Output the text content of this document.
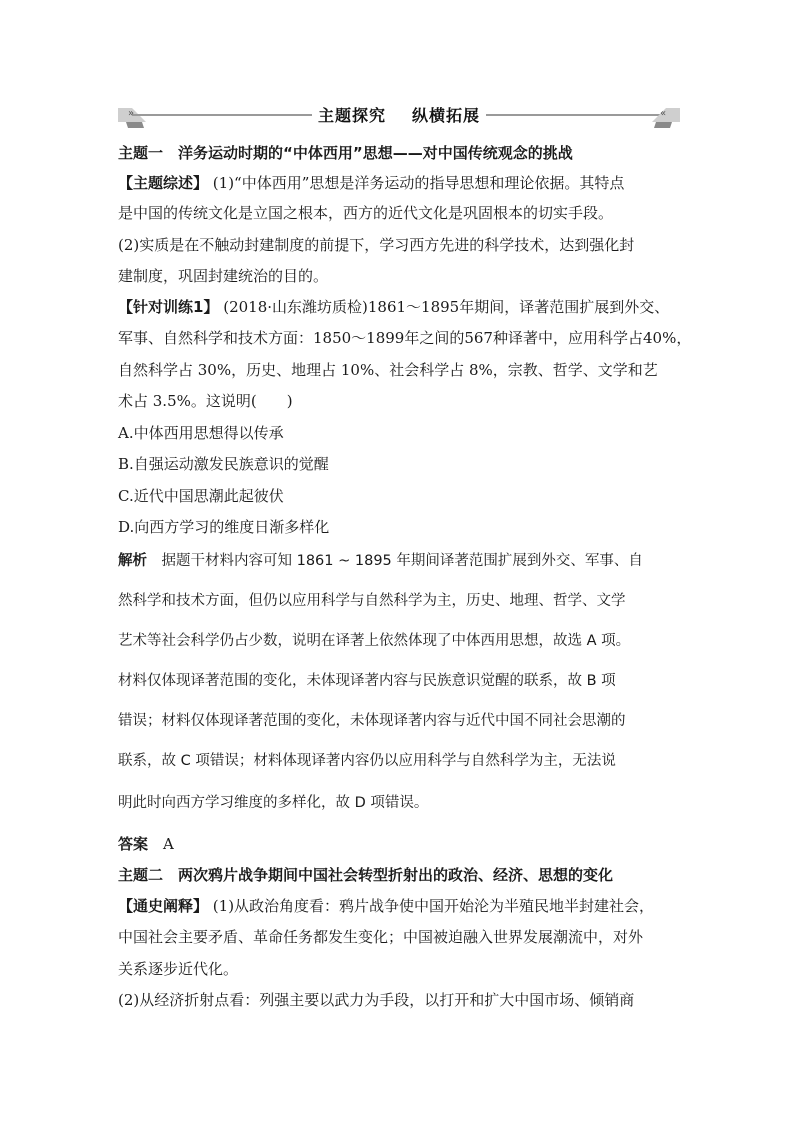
»	«
主题探究 纵横拓展
主题一　洋务运动时期的“中体西用”思想——对中国传统观念的挑战
【主题综述】 (1)“中体西用”思想是洋务运动的指导思想和理论依据。其特点
是中国的传统文化是立国之根本，西方的近代文化是巩固根本的切实手段。
(2)实质是在不触动封建制度的前提下，学习西方先进的科学技术，达到强化封
建制度，巩固封建统治的目的。
【针对训练1】 (2018·山东潍坊质检)1861～1895年期间，译著范围扩展到外交、
军事、自然科学和技术方面：1850～1899年之间的567种译著中，应用科学占40%，
自然科学占 30%，历史、地理占 10%、社会科学占 8%，宗教、哲学、文学和艺
术占 3.5%。这说明(　　)
A.中体西用思想得以传承
B.自强运动激发民族意识的觉醒
C.近代中国思潮此起彼伏
D.向西方学习的维度日渐多样化
解析　 据题干材料内容可知 1861 ~ 1895 年期间译著范围扩展到外交、军事、自
然科学和技术方面，但仍以应用科学与自然科学为主，历史、地理、哲学、文学
艺术等社会科学仍占少数，说明在译著上依然体现了中体西用思想，故选 A 项。
材料仅体现译著范围的变化，未体现译著内容与民族意识觉醒的联系，故 B 项
错误；材料仅体现译著范围的变化，未体现译著内容与近代中国不同社会思潮的
联系，故 C 项错误；材料体现译著内容仍以应用科学与自然科学为主，无法说
明此时向西方学习维度的多样化，故 D 项错误。
答案　 A
主题二　两次鸦片战争期间中国社会转型折射出的政治、经济、思想的变化
【通史阐释】 (1)从政治角度看：鸦片战争使中国开始沦为半殖民地半封建社会，
中国社会主要矛盾、革命任务都发生变化；中国被迫融入世界发展潮流中，对外
关系逐步近代化。
(2)从经济折射点看：列强主要以武力为手段，以打开和扩大中国市场、倾销商
